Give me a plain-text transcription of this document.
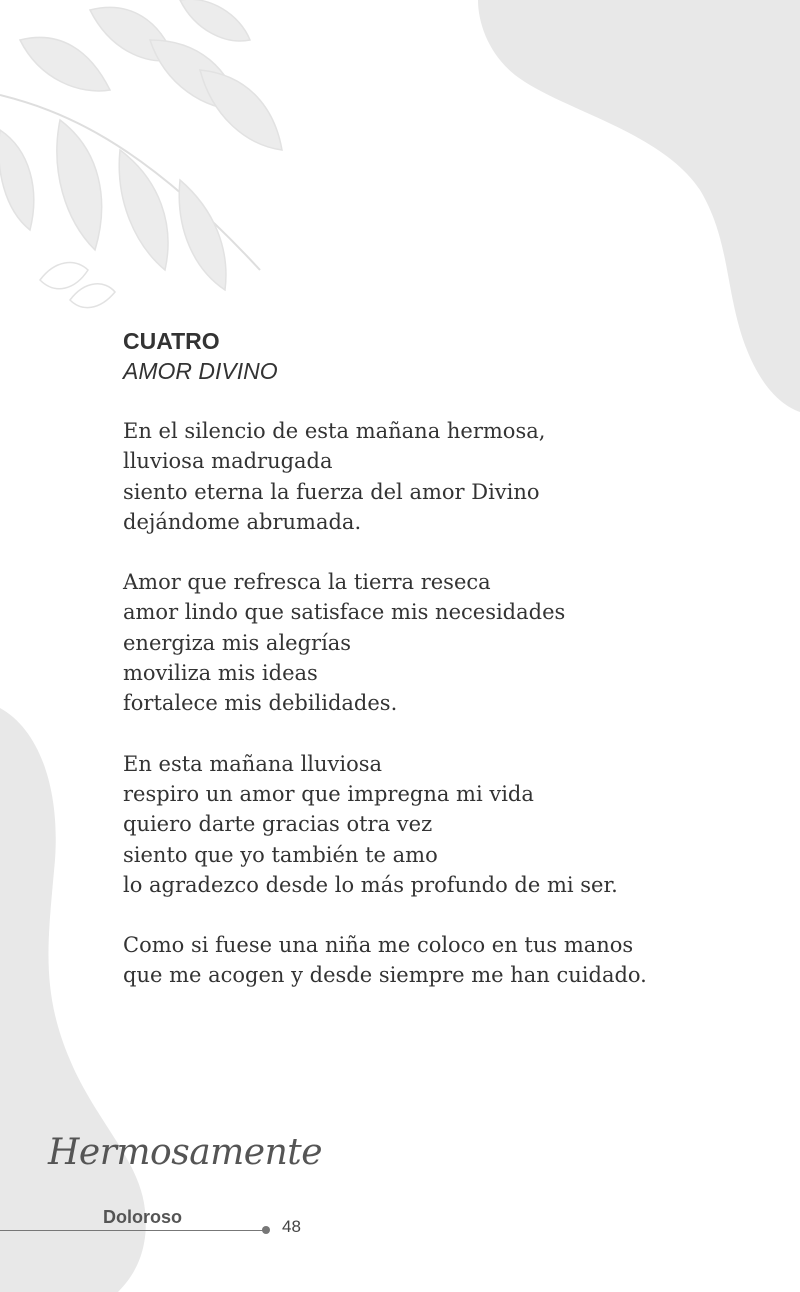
CUATRO
AMOR DIVINO
En el silencio de esta mañana hermosa,
lluviosa madrugada
siento eterna la fuerza del amor Divino
dejándome abrumada.
Amor que refresca la tierra reseca
amor lindo que satisface mis necesidades
energiza mis alegrías
moviliza mis ideas
fortalece mis debilidades.
En esta mañana lluviosa
respiro un amor que impregna mi vida
quiero darte gracias otra vez
siento que yo también te amo
lo agradezco desde lo más profundo de mi ser.
Como si fuese una niña me coloco en tus manos
que me acogen y desde siempre me han cuidado.
Hermosamente
Doloroso	48
